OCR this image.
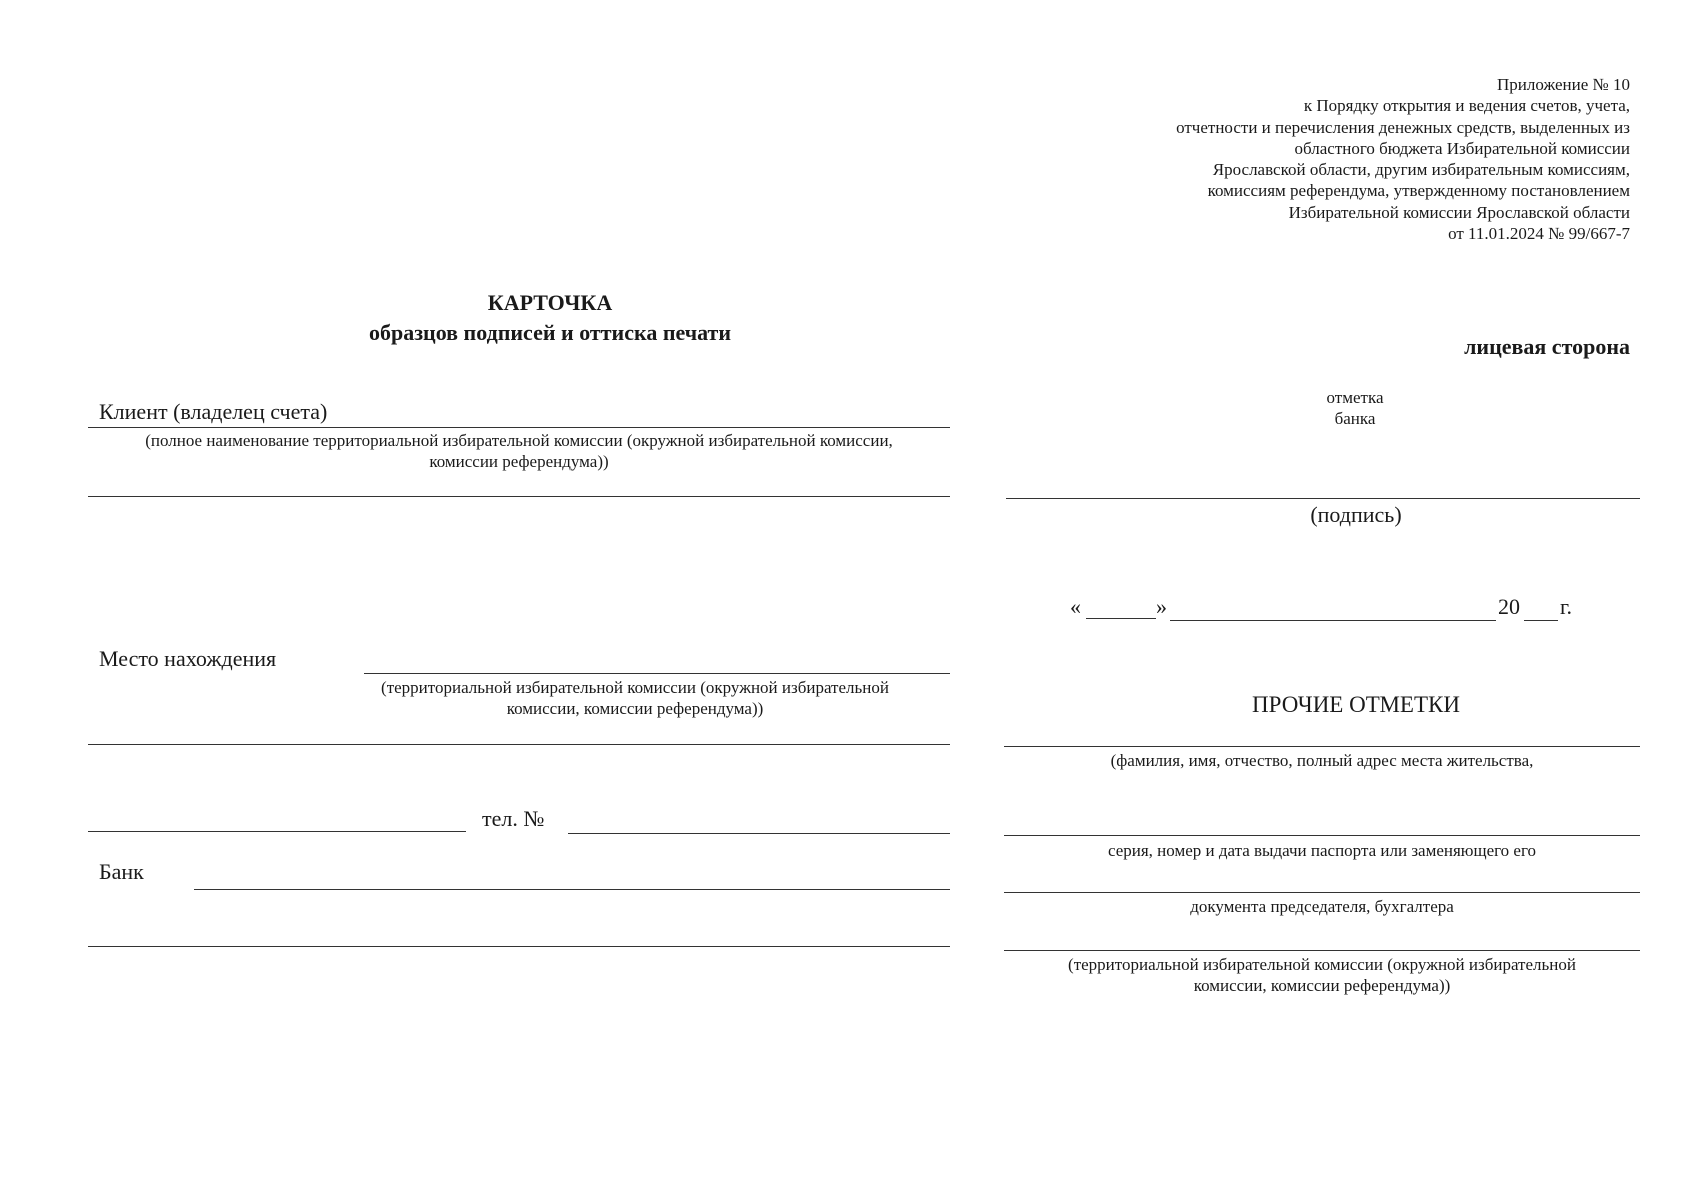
Приложение № 10
к Порядку открытия и ведения счетов, учета,
отчетности и перечисления денежных средств, выделенных из
областного бюджета Избирательной комиссии
Ярославской области, другим избирательным комиссиям,
комиссиям референдума, утвержденному постановлением
Избирательной комиссии Ярославской области
от 11.01.2024 № 99/667-7
КАРТОЧКА
образцов подписей и оттиска печати
лицевая сторона
Клиент (владелец счета)
(полное наименование территориальной избирательной комиссии (окружной избирательной комиссии,
комиссии референдума))
Место нахождения
(территориальной избирательной комиссии (окружной избирательной
комиссии, комиссии референдума))
тел. №
Банк
отметка
банка
(подпись)
«	»	20 г.
ПРОЧИЕ ОТМЕТКИ
(фамилия, имя, отчество, полный адрес места жительства,
серия, номер и дата выдачи паспорта или заменяющего его
документа председателя, бухгалтера
(территориальной избирательной комиссии (окружной избирательной
комиссии, комиссии референдума))
